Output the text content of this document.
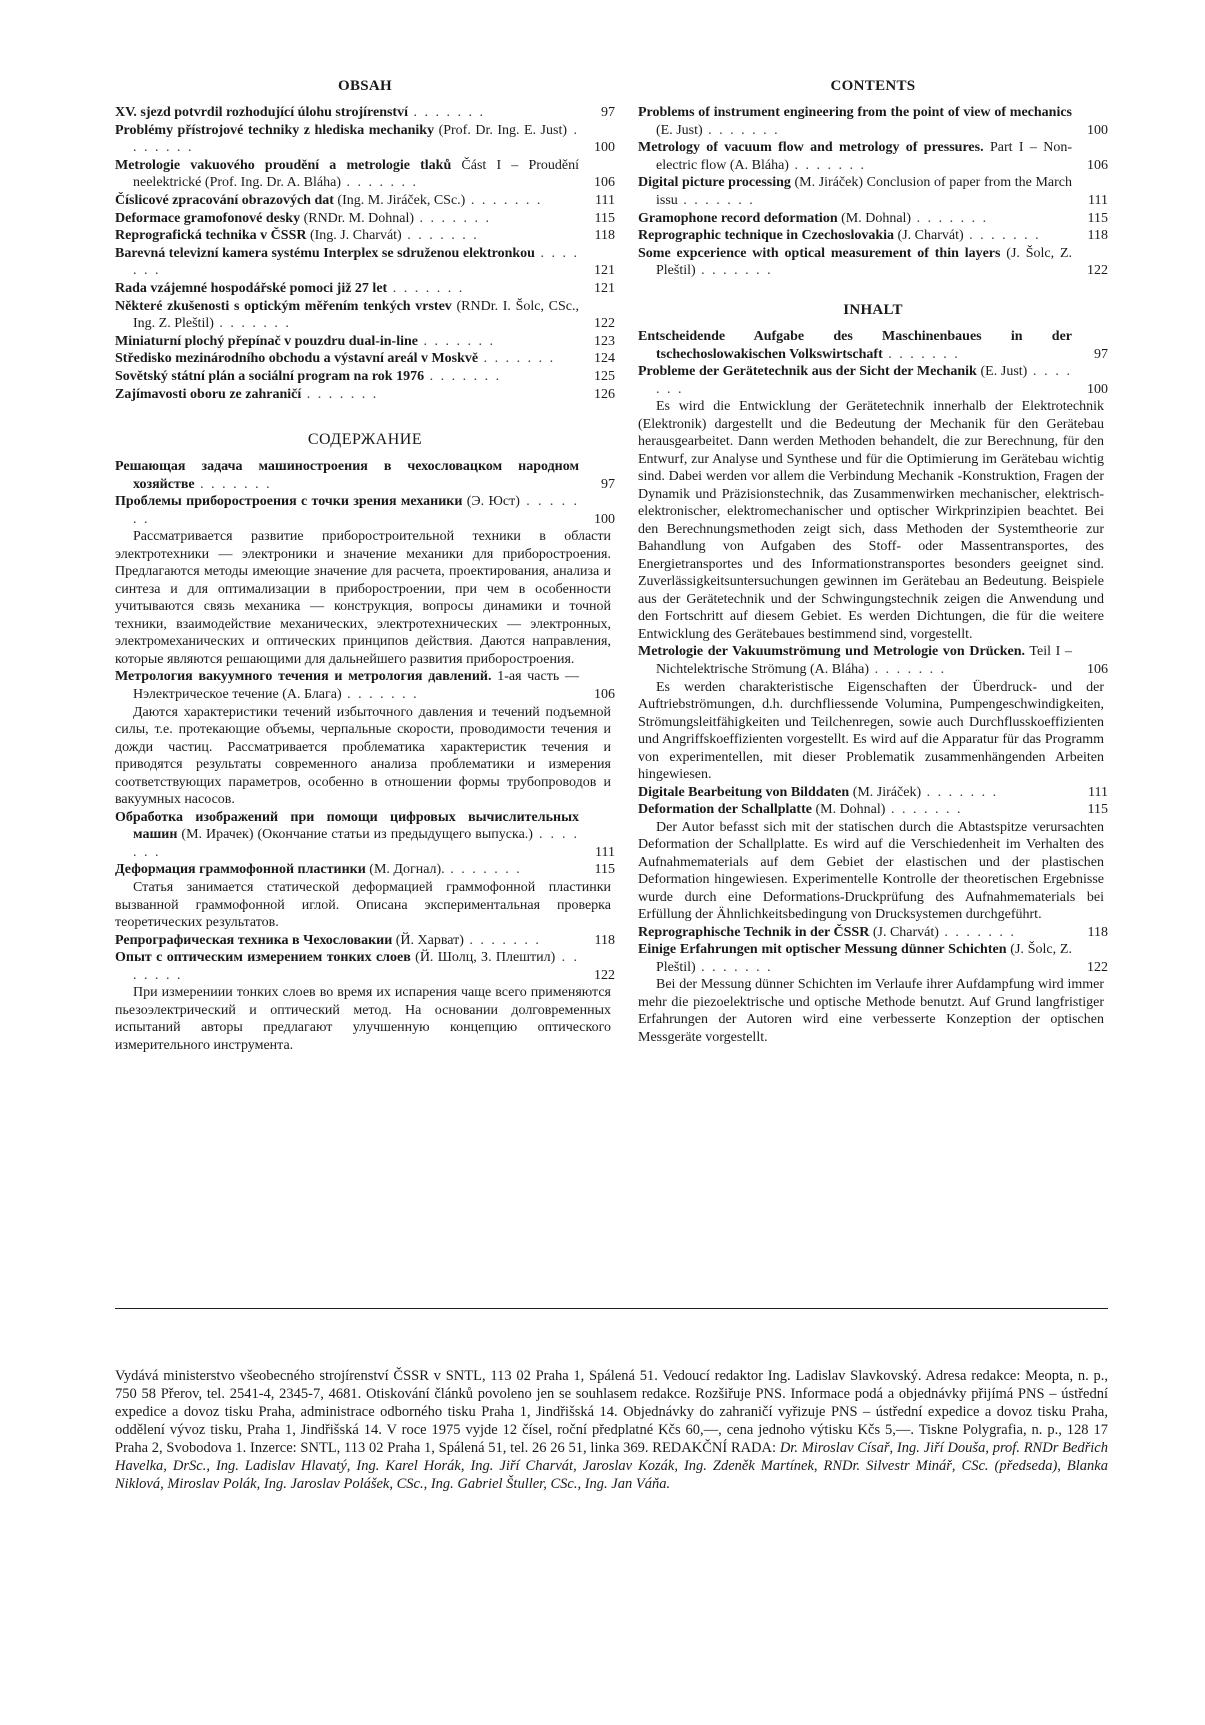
OBSAH
XV. sjezd potvrdil rozhodující úlohu strojírenství . . . . . . .	97
Problémy přístrojové techniky z hlediska mechaniky (Prof. Dr. Ing. E. Just) . . . . . . .	100
Metrologie vakuového proudění a metrologie tlaků Část I – Proudění neelektrické (Prof. Ing. Dr. A. Bláha) . . . . . . .	106
Číslicové zpracování obrazových dat (Ing. M. Jiráček, CSc.) . . . . . . .	111
Deformace gramofonové desky (RNDr. M. Dohnal) . . . . . . .	115
Reprografická technika v ČSSR (Ing. J. Charvát) . . . . . . .	118
Barevná televizní kamera systému Interplex se sdruženou elektronkou . . . . . . .	121
Rada vzájemné hospodářské pomoci již 27 let . . . . . . .	121
Některé zkušenosti s optickým měřením tenkých vrstev (RNDr. I. Šolc, CSc., Ing. Z. Pleštil) . . . . . . .	122
Miniaturní plochý přepínač v pouzdru dual-in-line . . . . . . .	123
Středisko mezinárodního obchodu a výstavní areál v Moskvě . . . . . . .	124
Sovětský státní plán a sociální program na rok 1976 . . . . . . .	125
Zajímavosti oboru ze zahraničí . . . . . . .	126
СОДЕРЖАНИЕ
Решающая задача машиностроения в чехословацком народном хозяйстве . . . . . . .	97
Проблемы приборостроения с точки зрения механики (Э. Юст) . . . . . . .	100

Рассматривается развитие приборостроительной техники в области электротехники — электроники и значение механики для приборостроения. Предлагаются методы имеющие значение для расчета, проектирования, анализа и синтеза и для оптимализации в приборостроении, при чем в особенности учитываются связь механика — конструкция, вопросы динамики и точной техники, взаимодействие механических, электротехнических — электронных, электромеханических и оптических принципов действия. Даются направления, которые являются решающими для дальнейшего развития приборостроения.

Метрология вакуумного течения и метрология давлений. 1-ая часть — Нэлектрическое течение (А. Блага) . . . . . . .	106

Даются характеристики течений избыточного давления и течений подъемной силы, т.е. протекающие объемы, черпальные скорости, проводимости течения и дожди частиц. Рассматривается проблематика характеристик течения и приводятся результаты современного анализа проблематики и измерения соответствующих параметров, особенно в отношении формы трубопроводов и вакуумных насосов.

Обработка изображений при помощи цифровых вычислительных машин (М. Ирачек) (Окончание статьи из предыдущего выпуска.) . . . . . . .	111
Деформация граммофонной пластинки (М. Догнал). . . . . . . .	115

Статья занимается статической деформацией граммофонной пластинки вызванной граммофонной иглой. Описана экспериментальная проверка теоретических результатов.

Репрографическая техника в Чехословакии (Й. Харват) . . . . . . .	118
Опыт с оптическим измерением тонких слоев (Й. Шолц, З. Плештил) . . . . . . .	122

При измерениии тонких слоев во время их испарения чаще всего применяются пьезоэлектрический и оптический метод. На основании долговременных испытаний авторы предлагают улучшенную концепцию оптического измерительного инструмента.

CONTENTS
Problems of instrument engineering from the point of view of mechanics (E. Just) . . . . . . .	100
Metrology of vacuum flow and metrology of pressures. Part I – Non-electric flow (A. Bláha) . . . . . . .	106
Digital picture processing (M. Jiráček) Conclusion of paper from the March issu . . . . . . .	111
Gramophone record deformation (M. Dohnal) . . . . . . .	115
Reprographic technique in Czechoslovakia (J. Charvát) . . . . . . .	118
Some expcerience with optical measurement of thin layers (J. Šolc, Z. Pleštil) . . . . . . .	122
INHALT
Entscheidende Aufgabe des Maschinenbaues in der tschechoslowakischen Volkswirtschaft . . . . . . .	97
Probleme der Gerätetechnik aus der Sicht der Mechanik (E. Just) . . . . . . .	100

Es wird die Entwicklung der Gerätetechnik innerhalb der Elektrotechnik (Elektronik) dargestellt und die Bedeutung der Mechanik für den Gerätebau herausgearbeitet. Dann werden Methoden behandelt, die zur Berechnung, für den Entwurf, zur Analyse und Synthese und für die Optimierung im Gerätebau wichtig sind. Dabei werden vor allem die Verbindung Mechanik -Konstruktion, Fragen der Dynamik und Präzisionstechnik, das Zusammenwirken mechanischer, elektrisch-elektronischer, elektromechanischer und optischer Wirkprinzipien beachtet. Bei den Berechnungsmethoden zeigt sich, dass Methoden der Systemtheorie zur Bahandlung von Aufgaben des Stoff- oder Massentransportes, des Energietransportes und des Informationstransportes besonders geeignet sind. Zuverlässigkeitsuntersuchungen gewinnen im Gerätebau an Bedeutung. Beispiele aus der Gerätetechnik und der Schwingungstechnik zeigen die Anwendung und den Fortschritt auf diesem Gebiet. Es werden Dichtungen, die für die weitere Entwicklung des Gerätebaues bestimmend sind, vorgestellt.

Metrologie der Vakuumströmung und Metrologie von Drücken. Teil I – Nichtelektrische Strömung (A. Bláha) . . . . . . .	106

Es werden charakteristische Eigenschaften der Überdruck- und der Auftriebströmungen, d.h. durchfliessende Volumina, Pumpengeschwindigkeiten, Strömungsleitfähigkeiten und Teilchenregen, sowie auch Durchflusskoeffizienten und Angriffskoeffizienten vorgestellt. Es wird auf die Apparatur für das Programm von experimentellen, mit dieser Problematik zusammenhängenden Arbeiten hingewiesen.

Digitale Bearbeitung von Bilddaten (M. Jiráček) . . . . . . .	111
Deformation der Schallplatte (M. Dohnal) . . . . . . .	115

Der Autor befasst sich mit der statischen durch die Abtastspitze verursachten Deformation der Schallplatte. Es wird auf die Verschiedenheit im Verhalten des Aufnahmematerials auf dem Gebiet der elastischen und der plastischen Deformation hingewiesen. Experimentelle Kontrolle der theoretischen Ergebnisse wurde durch eine Deformations-Druckprüfung des Aufnahmematerials bei Erfüllung der Ähnlichkeitsbedingung von Drucksystemen durchgeführt.

Reprographische Technik in der ČSSR (J. Charvát) . . . . . . .	118
Einige Erfahrungen mit optischer Messung dünner Schichten (J. Šolc, Z. Pleštil) . . . . . . .	122

Bei der Messung dünner Schichten im Verlaufe ihrer Aufdampfung wird immer mehr die piezoelektrische und optische Methode benutzt. Auf Grund langfristiger Erfahrungen der Autoren wird eine verbesserte Konzeption der optischen Messgeräte vorgestellt.

Vydává ministerstvo všeobecného strojírenství ČSSR v SNTL, 113 02 Praha 1, Spálená 51. Vedoucí redaktor Ing. Ladislav Slavkovský. Adresa redakce: Meopta, n. p., 750 58 Přerov, tel. 2541-4, 2345-7, 4681. Otiskování článků povoleno jen se souhlasem redakce. Rozšiřuje PNS. Informace podá a objednávky přijímá PNS – ústřední expedice a dovoz tisku Praha, administrace odborného tisku Praha 1, Jindřišská 14. Objednávky do zahraničí vyřizuje PNS – ústřední expedice a dovoz tisku Praha, oddělení vývoz tisku, Praha 1, Jindřišská 14. V roce 1975 vyjde 12 čísel, roční předplatné Kčs 60,—, cena jednoho výtisku Kčs 5,—. Tiskne Polygrafia, n. p., 128 17 Praha 2, Svobodova 1. Inzerce: SNTL, 113 02 Praha 1, Spálená 51, tel. 26 26 51, linka 369. REDAKČNÍ RADA: Dr. Miroslav Císař, Ing. Jiří Douša, prof. RNDr Bedřich Havelka, DrSc., Ing. Ladislav Hlavatý, Ing. Karel Horák, Ing. Jiří Charvát, Jaroslav Kozák, Ing. Zdeněk Martínek, RNDr. Silvestr Minář, CSc. (předseda), Blanka Niklová, Miroslav Polák, Ing. Jaroslav Polášek, CSc., Ing. Gabriel Štuller, CSc., Ing. Jan Váňa.
